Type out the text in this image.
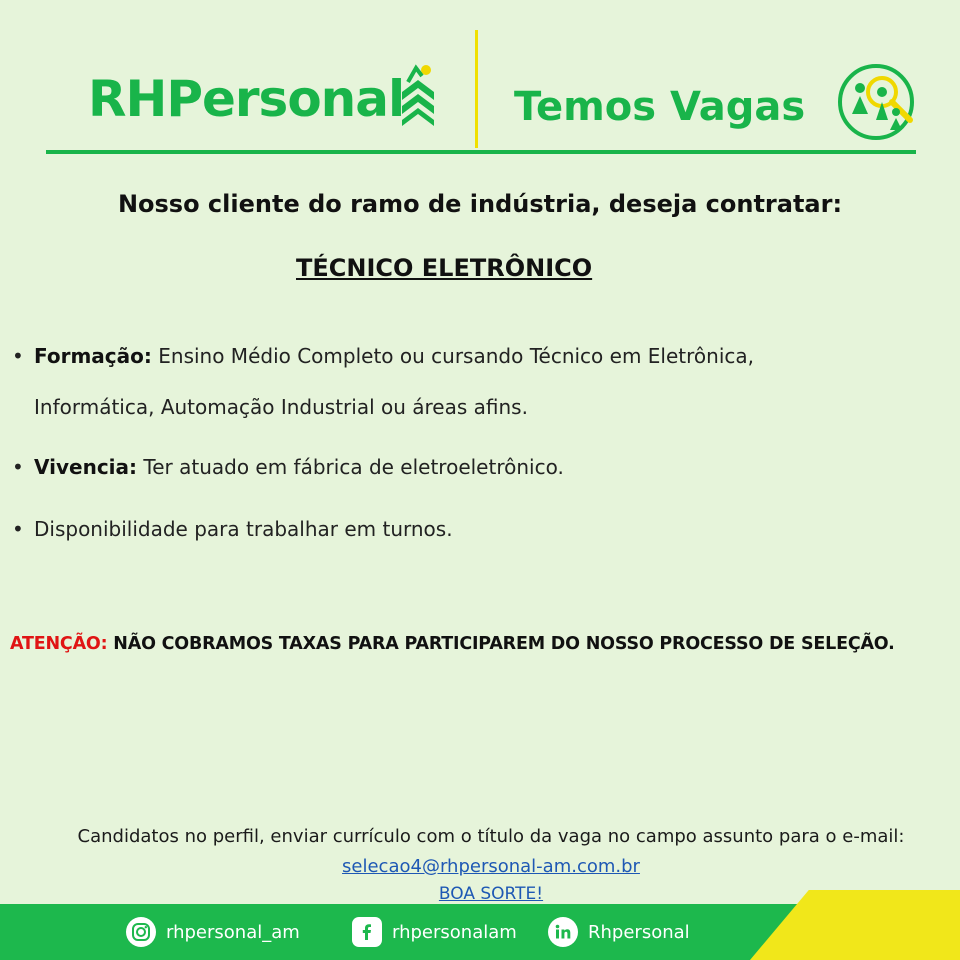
RHPersonal	Temos Vagas
Nosso cliente do ramo de indústria, deseja contratar:
TÉCNICO ELETRÔNICO
• Formação: Ensino Médio Completo ou cursando Técnico em Eletrônica,
Informática, Automação Industrial ou áreas afins.
• Vivencia: Ter atuado em fábrica de eletroeletrônico.
• Disponibilidade para trabalhar em turnos.
ATENÇÃO: NÃO COBRAMOS TAXAS PARA PARTICIPAREM DO NOSSO PROCESSO DE SELEÇÃO.
Candidatos no perfil, enviar currículo com o título da vaga no campo assunto para o e-mail:
selecao4@rhpersonal-am.com.br
BOA SORTE!
rhpersonal_am	rhpersonalam	Rhpersonal
